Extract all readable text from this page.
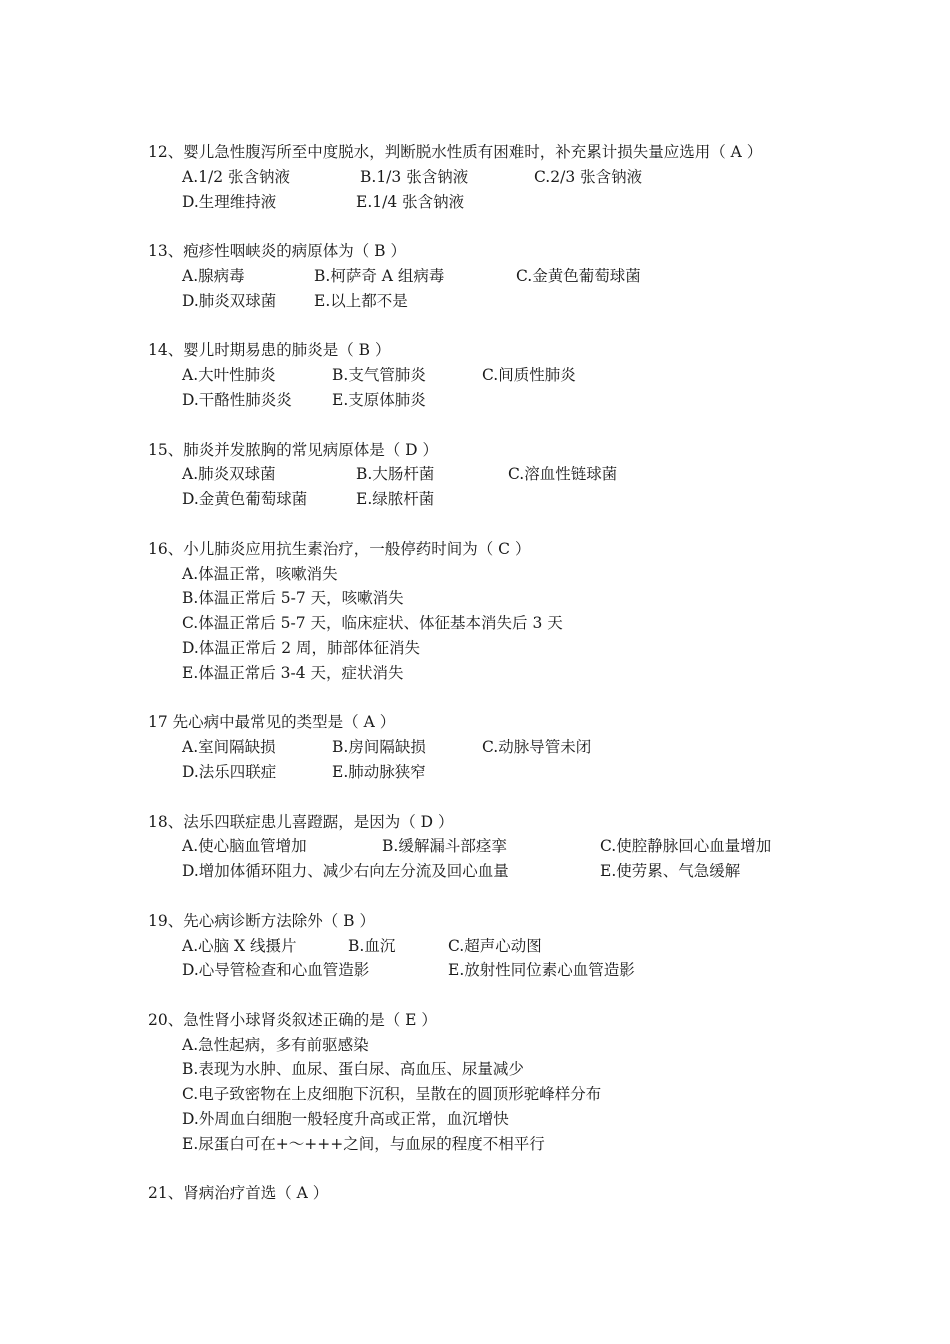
12、婴儿急性腹泻所至中度脱水，判断脱水性质有困难时，补充累计损失量应选用（ A ）
A.1/2 张含钠液	B.1/3 张含钠液	C.2/3 张含钠液
D.生理维持液	E.1/4 张含钠液
13、疱疹性咽峡炎的病原体为（ B ）
A.腺病毒	B.柯萨奇 A 组病毒	C.金黄色葡萄球菌
D.肺炎双球菌 E.以上都不是
14、婴儿时期易患的肺炎是（ B ）
A.大叶性肺炎	B.支气管肺炎	C.间质性肺炎
D.干酪性肺炎炎	E.支原体肺炎
15、肺炎并发脓胸的常见病原体是（ D ）
A.肺炎双球菌	B.大肠杆菌	C.溶血性链球菌
D.金黄色葡萄球菌	E.绿脓杆菌
16、小儿肺炎应用抗生素治疗，一般停药时间为（ C ）
A.体温正常，咳嗽消失
B.体温正常后 5-7 天，咳嗽消失
C.体温正常后 5-7 天，临床症状、体征基本消失后 3 天
D.体温正常后 2 周，肺部体征消失
E.体温正常后 3-4 天，症状消失
17 先心病中最常见的类型是（ A ）
A.室间隔缺损	B.房间隔缺损	C.动脉导管未闭
D.法乐四联症	E.肺动脉狭窄
18、法乐四联症患儿喜蹬踞，是因为（ D ）
A.使心脑血管增加	B.缓解漏斗部痉挛	C.使腔静脉回心血量增加
D.增加体循环阻力、减少右向左分流及回心血量	E.使劳累、气急缓解
19、先心病诊断方法除外（ B ）
A.心脑 X 线摄片	B.血沉	C.超声心动图
D.心导管检查和心血管造影	E.放射性同位素心血管造影
20、急性肾小球肾炎叙述正确的是（ E ）
A.急性起病，多有前驱感染
B.表现为水肿、血尿、蛋白尿、高血压、尿量减少
C.电子致密物在上皮细胞下沉积，呈散在的圆顶形驼峰样分布
D.外周血白细胞一般轻度升高或正常，血沉增快
E.尿蛋白可在+～+++之间，与血尿的程度不相平行
21、肾病治疗首选（ A ）
